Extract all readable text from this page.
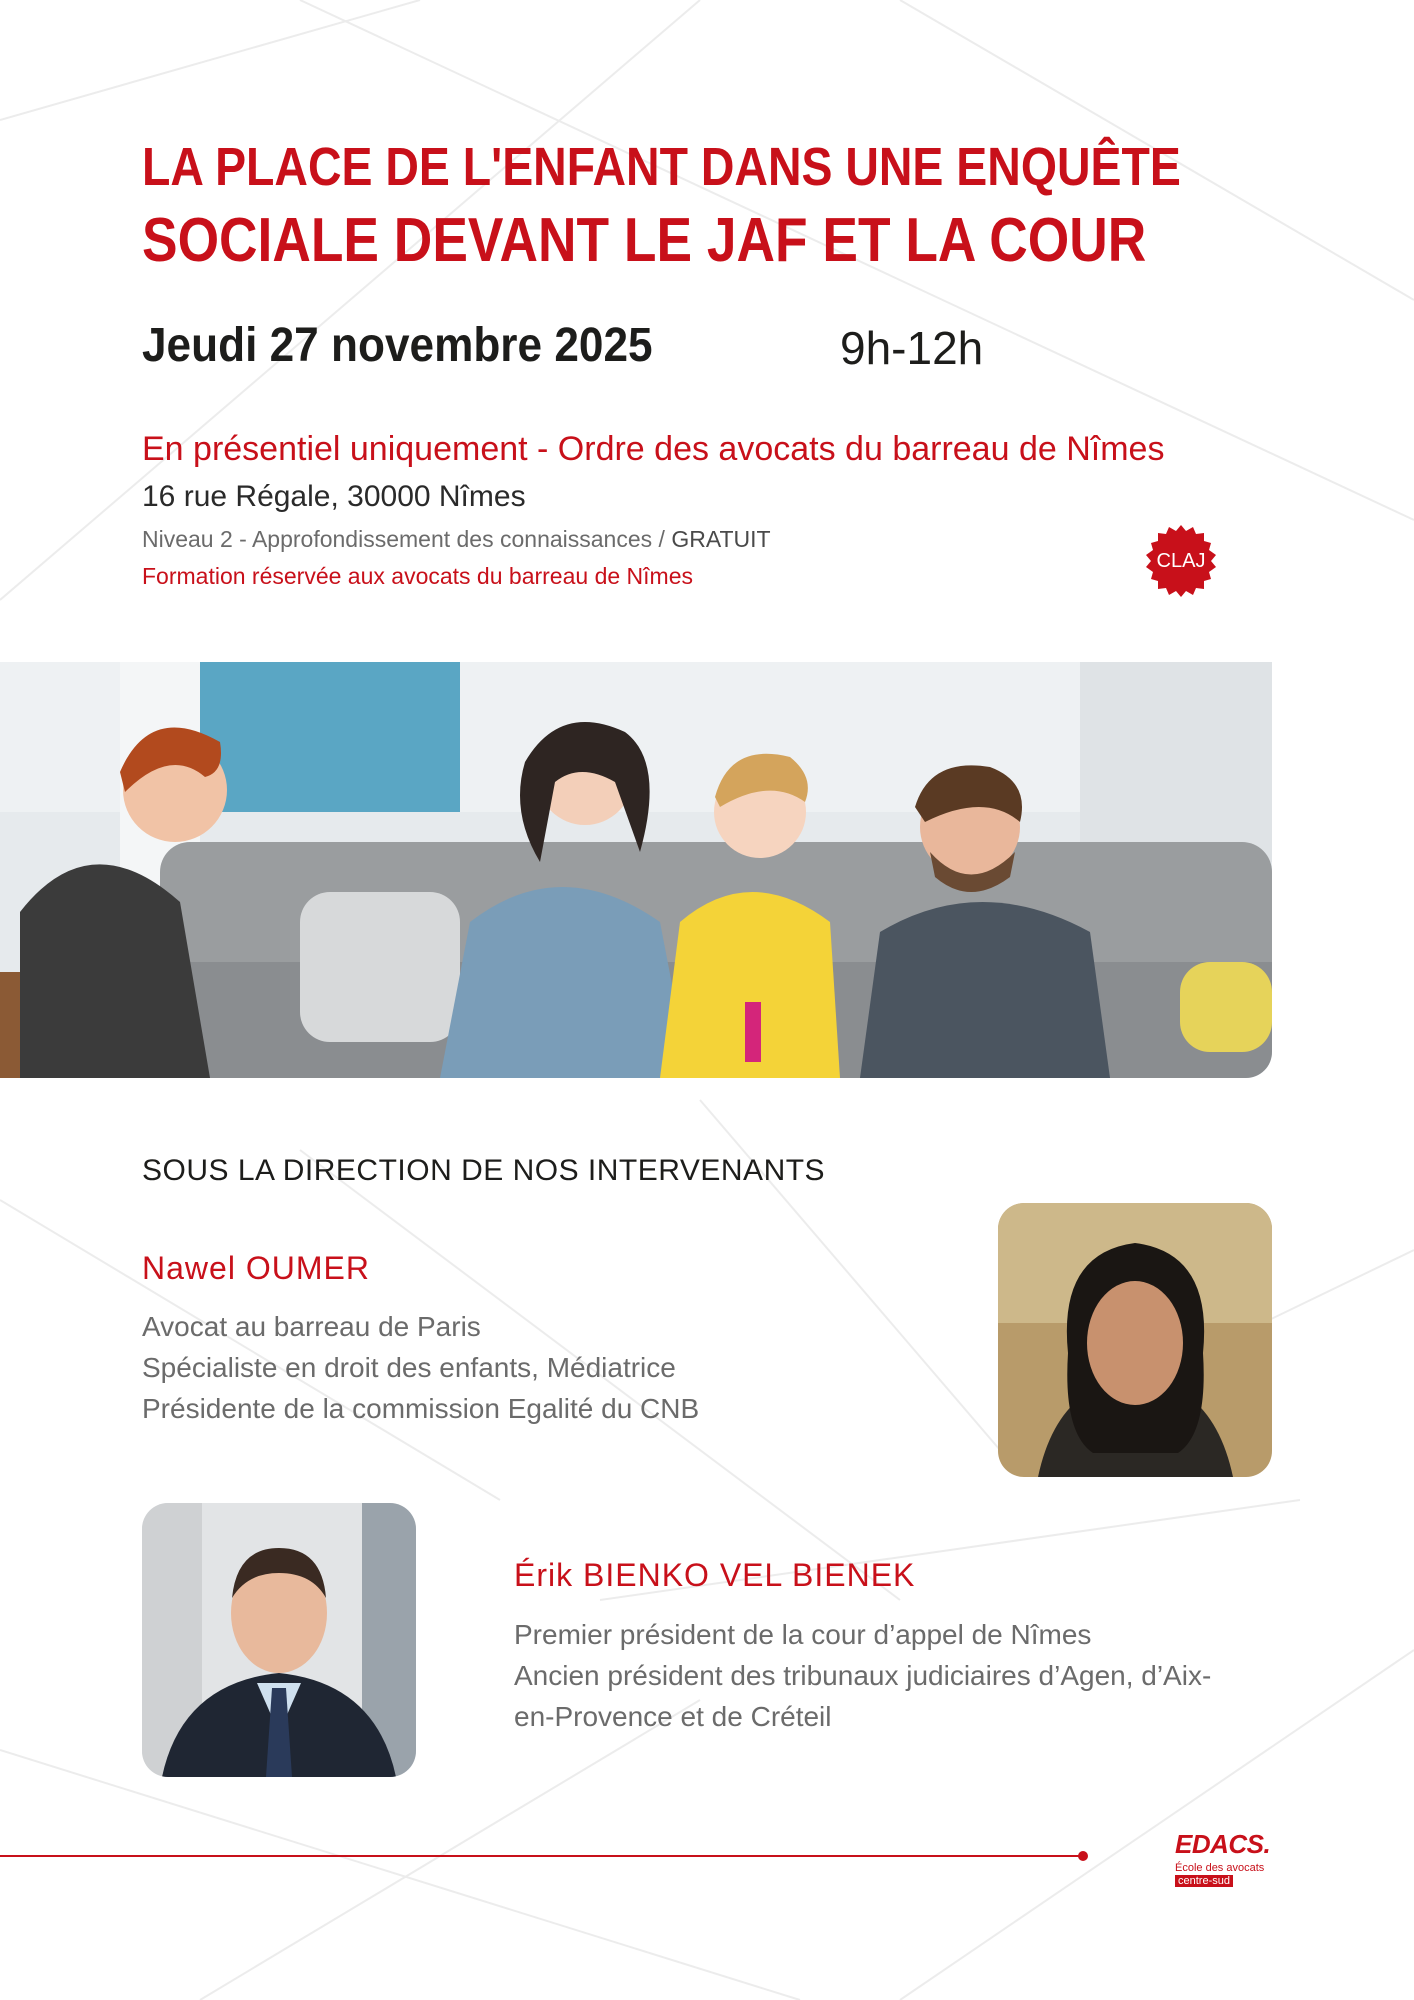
LA PLACE DE L'ENFANT DANS UNE ENQUÊTE
SOCIALE DEVANT LE JAF ET LA COUR
Jeudi 27 novembre 2025	9h-12h
En présentiel uniquement - Ordre des avocats du barreau de Nîmes
16 rue Régale, 30000 Nîmes
Niveau 2 - Approfondissement des connaissances / GRATUIT
Formation réservée aux avocats du barreau de Nîmes
CLAJ
SOUS LA DIRECTION DE NOS INTERVENANTS
Nawel OUMER
Avocat au barreau de Paris
Spécialiste en droit des enfants, Médiatrice
Présidente de la commission Egalité du CNB
Érik BIENKO VEL BIENEK
Premier président de la cour d’appel de Nîmes
Ancien président des tribunaux judiciaires d’Agen, d’Aix-
en-Provence et de Créteil
EDACS.
École des avocats
centre-sud
